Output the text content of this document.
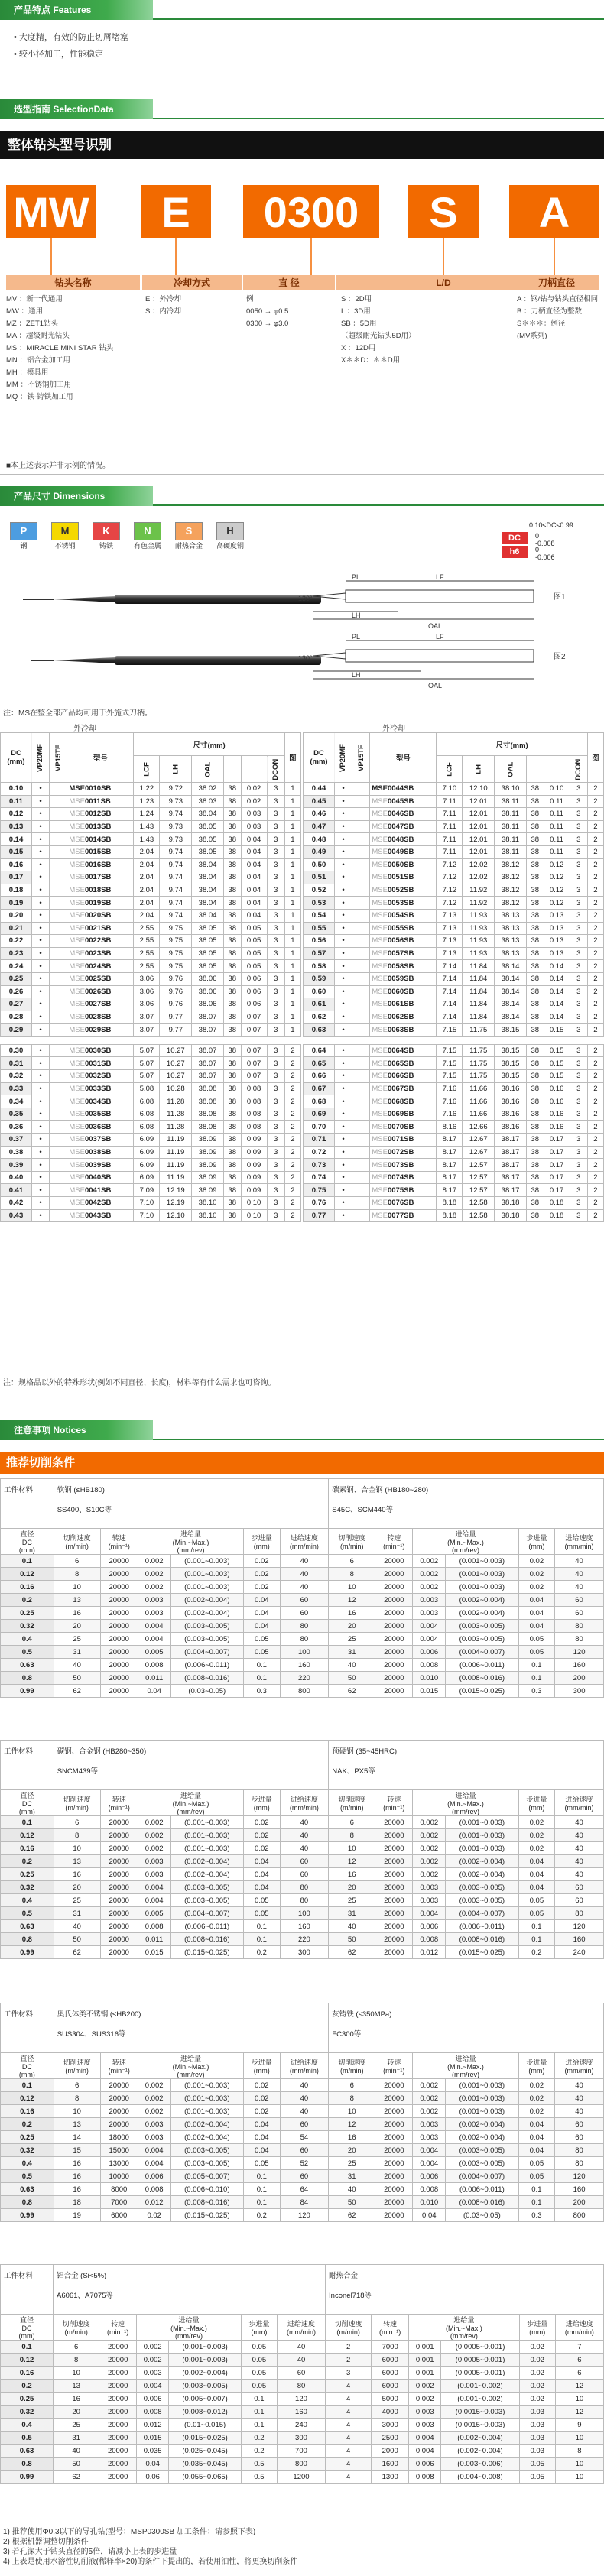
产品特点 Features
• 大度精，有效的防止切屑堵塞
• 较小径加工，性能稳定
选型指南 SelectionData
整体钻头型号识别
MW	E	0300	S	A
钻头名称	冷却方式	直 径	L/D	刀柄直径
MV ：新一代通用
MW ：通用
MZ ：ZET1钻头
MA ：超级耐光钻头
MS ：MIRACLE MINI STAR 钻头
MN ：铝合金加工用
MH ：模具用
MM ：不锈钢加工用
MQ ：铁-铸铁加工用
E ：外冷却
S ：内冷却
例
0050 → φ0.5
0300 → φ3.0
S ：2D用
L ：3D用
SB ：5D用
（超级耐光钻头5D用）
X ：12D用
X＊＊D：＊＊D用
A ：钢/钻与钻头直径相同
B ：刀柄直径为整数
S＊＊＊：例径
(MV系列)
■本上述表示并非示例的情况。
产品尺寸 Dimensions
P
钢
M
不锈钢
K
铸铁
N
有色金属
S
耐热合金
H
高硬度钢
0.10≤DC≤0.99
DC
h6
0
-0.008
0
-0.006
PL	LF
130°
LH
OAL
图1
PL	LF
130°
LH
OAL
图2
注：MS在整全部产品均可用于外施式刀柄。
外冷却	外冷却
DC
(mm)	VP20MF	VP15TF	型号	尺寸(mm)						图
				LCF	LH	OAL			DCON	
0.10	•		MSE0010SB	1.22	9.72	38.02	38	0.02	3	1
0.11	•		MSE0011SB	1.23	9.73	38.03	38	0.02	3	1
0.12	•		MSE0012SB	1.24	9.74	38.04	38	0.03	3	1
0.13	•		MSE0013SB	1.43	9.73	38.05	38	0.03	3	1
0.14	•		MSE0014SB	1.43	9.73	38.05	38	0.04	3	1
0.15	•		MSE0015SB	2.04	9.74	38.05	38	0.04	3	1
0.16	•		MSE0016SB	2.04	9.74	38.04	38	0.04	3	1
0.17	•		MSE0017SB	2.04	9.74	38.04	38	0.04	3	1
0.18	•		MSE0018SB	2.04	9.74	38.04	38	0.04	3	1
0.19	•		MSE0019SB	2.04	9.74	38.04	38	0.04	3	1
0.20	•		MSE0020SB	2.04	9.74	38.04	38	0.04	3	1
0.21	•		MSE0021SB	2.55	9.75	38.05	38	0.05	3	1
0.22	•		MSE0022SB	2.55	9.75	38.05	38	0.05	3	1
0.23	•		MSE0023SB	2.55	9.75	38.05	38	0.05	3	1
0.24	•		MSE0024SB	2.55	9.75	38.05	38	0.05	3	1
0.25	•		MSE0025SB	3.06	9.76	38.06	38	0.06	3	1
0.26	•		MSE0026SB	3.06	9.76	38.06	38	0.06	3	1
0.27	•		MSE0027SB	3.06	9.76	38.06	38	0.06	3	1
0.28	•		MSE0028SB	3.07	9.77	38.07	38	0.07	3	1
0.29	•		MSE0029SB	3.07	9.77	38.07	38	0.07	3	1

0.30	•		MSE0030SB	5.07	10.27	38.07	38	0.07	3	2
0.31	•		MSE0031SB	5.07	10.27	38.07	38	0.07	3	2
0.32	•		MSE0032SB	5.07	10.27	38.07	38	0.07	3	2
0.33	•		MSE0033SB	5.08	10.28	38.08	38	0.08	3	2
0.34	•		MSE0034SB	6.08	11.28	38.08	38	0.08	3	2
0.35	•		MSE0035SB	6.08	11.28	38.08	38	0.08	3	2
0.36	•		MSE0036SB	6.08	11.28	38.08	38	0.08	3	2
0.37	•		MSE0037SB	6.09	11.19	38.09	38	0.09	3	2
0.38	•		MSE0038SB	6.09	11.19	38.09	38	0.09	3	2
0.39	•		MSE0039SB	6.09	11.19	38.09	38	0.09	3	2
0.40	•		MSE0040SB	6.09	11.19	38.09	38	0.09	3	2
0.41	•		MSE0041SB	7.09	12.19	38.09	38	0.09	3	2
0.42	•		MSE0042SB	7.10	12.19	38.10	38	0.10	3	2
0.43	•		MSE0043SB	7.10	12.10	38.10	38	0.10	3	2
DC
(mm)	VP20MF	VP15TF	型号	尺寸(mm)						图
				LCF	LH	OAL			DCON	
0.44	•		MSE0044SB	7.10	12.10	38.10	38	0.10	3	2
0.45	•		MSE0045SB	7.11	12.01	38.11	38	0.11	3	2
0.46	•		MSE0046SB	7.11	12.01	38.11	38	0.11	3	2
0.47	•		MSE0047SB	7.11	12.01	38.11	38	0.11	3	2
0.48	•		MSE0048SB	7.11	12.01	38.11	38	0.11	3	2
0.49	•		MSE0049SB	7.11	12.01	38.11	38	0.11	3	2
0.50	•		MSE0050SB	7.12	12.02	38.12	38	0.12	3	2
0.51	•		MSE0051SB	7.12	12.02	38.12	38	0.12	3	2
0.52	•		MSE0052SB	7.12	11.92	38.12	38	0.12	3	2
0.53	•		MSE0053SB	7.12	11.92	38.12	38	0.12	3	2
0.54	•		MSE0054SB	7.13	11.93	38.13	38	0.13	3	2
0.55	•		MSE0055SB	7.13	11.93	38.13	38	0.13	3	2
0.56	•		MSE0056SB	7.13	11.93	38.13	38	0.13	3	2
0.57	•		MSE0057SB	7.13	11.93	38.13	38	0.13	3	2
0.58	•		MSE0058SB	7.14	11.84	38.14	38	0.14	3	2
0.59	•		MSE0059SB	7.14	11.84	38.14	38	0.14	3	2
0.60	•		MSE0060SB	7.14	11.84	38.14	38	0.14	3	2
0.61	•		MSE0061SB	7.14	11.84	38.14	38	0.14	3	2
0.62	•		MSE0062SB	7.14	11.84	38.14	38	0.14	3	2
0.63	•		MSE0063SB	7.15	11.75	38.15	38	0.15	3	2

0.64	•		MSE0064SB	7.15	11.75	38.15	38	0.15	3	2
0.65	•		MSE0065SB	7.15	11.75	38.15	38	0.15	3	2
0.66	•		MSE0066SB	7.15	11.75	38.15	38	0.15	3	2
0.67	•		MSE0067SB	7.16	11.66	38.16	38	0.16	3	2
0.68	•		MSE0068SB	7.16	11.66	38.16	38	0.16	3	2
0.69	•		MSE0069SB	7.16	11.66	38.16	38	0.16	3	2
0.70	•		MSE0070SB	8.16	12.66	38.16	38	0.16	3	2
0.71	•		MSE0071SB	8.17	12.67	38.17	38	0.17	3	2
0.72	•		MSE0072SB	8.17	12.67	38.17	38	0.17	3	2
0.73	•		MSE0073SB	8.17	12.57	38.17	38	0.17	3	2
0.74	•		MSE0074SB	8.17	12.57	38.17	38	0.17	3	2
0.75	•		MSE0075SB	8.17	12.57	38.17	38	0.17	3	2
0.76	•		MSE0076SB	8.18	12.58	38.18	38	0.18	3	2
0.77	•		MSE0077SB	8.18	12.58	38.18	38	0.18	3	2
注：规格品以外的特殊形状(例如不同直径、长度)，材料等有什么需求也可咨询。
注意事项 Notices
推荐切削条件
工件材料	软钢 (≤HB180)
SS400、S10C等						碳素钢、合金钢 (HB180~280)
S45C、SCM440等					
直径
DC
(mm)	切削速度
(m/min)	转速
(min⁻¹)	进给量
(Min.~Max.)
(mm/rev)		步进量
(mm)	进给速度
(mm/min)	切削速度
(m/min)	转速
(min⁻¹)	进给量
(Min.~Max.)
(mm/rev)		步进量
(mm)	进给速度
(mm/min)
0.1	6	20000	0.002	(0.001~0.003)	0.02	40	6	20000	0.002	(0.001~0.003)	0.02	40
0.12	8	20000	0.002	(0.001~0.003)	0.02	40	8	20000	0.002	(0.001~0.003)	0.02	40
0.16	10	20000	0.002	(0.001~0.003)	0.02	40	10	20000	0.002	(0.001~0.003)	0.02	40
0.2	13	20000	0.003	(0.002~0.004)	0.04	60	12	20000	0.003	(0.002~0.004)	0.04	60
0.25	16	20000	0.003	(0.002~0.004)	0.04	60	16	20000	0.003	(0.002~0.004)	0.04	60
0.32	20	20000	0.004	(0.003~0.005)	0.04	80	20	20000	0.004	(0.003~0.005)	0.04	80
0.4	25	20000	0.004	(0.003~0.005)	0.05	80	25	20000	0.004	(0.003~0.005)	0.05	80
0.5	31	20000	0.005	(0.004~0.007)	0.05	100	31	20000	0.006	(0.004~0.007)	0.05	120
0.63	40	20000	0.008	(0.006~0.011)	0.1	160	40	20000	0.008	(0.006~0.011)	0.1	160
0.8	50	20000	0.011	(0.008~0.016)	0.1	220	50	20000	0.010	(0.008~0.016)	0.1	200
0.99	62	20000	0.04	(0.03~0.05)	0.3	800	62	20000	0.015	(0.015~0.025)	0.3	300
工件材料	碳钢、合金钢 (HB280~350)
SNCM439等						预硬钢 (35~45HRC)
NAK、PX5等					
直径
DC
(mm)	切削速度
(m/min)	转速
(min⁻¹)	进给量
(Min.~Max.)
(mm/rev)		步进量
(mm)	进给速度
(mm/min)	切削速度
(m/min)	转速
(min⁻¹)	进给量
(Min.~Max.)
(mm/rev)		步进量
(mm)	进给速度
(mm/min)
0.1	6	20000	0.002	(0.001~0.003)	0.02	40	6	20000	0.002	(0.001~0.003)	0.02	40
0.12	8	20000	0.002	(0.001~0.003)	0.02	40	8	20000	0.002	(0.001~0.003)	0.02	40
0.16	10	20000	0.002	(0.001~0.003)	0.02	40	10	20000	0.002	(0.001~0.003)	0.02	40
0.2	13	20000	0.003	(0.002~0.004)	0.04	60	12	20000	0.002	(0.002~0.004)	0.04	40
0.25	16	20000	0.003	(0.002~0.004)	0.04	60	16	20000	0.002	(0.002~0.004)	0.04	40
0.32	20	20000	0.004	(0.003~0.005)	0.04	80	20	20000	0.003	(0.003~0.005)	0.04	60
0.4	25	20000	0.004	(0.003~0.005)	0.05	80	25	20000	0.003	(0.003~0.005)	0.05	60
0.5	31	20000	0.005	(0.004~0.007)	0.05	100	31	20000	0.004	(0.004~0.007)	0.05	80
0.63	40	20000	0.008	(0.006~0.011)	0.1	160	40	20000	0.006	(0.006~0.011)	0.1	120
0.8	50	20000	0.011	(0.008~0.016)	0.1	220	50	20000	0.008	(0.008~0.016)	0.1	160
0.99	62	20000	0.015	(0.015~0.025)	0.2	300	62	20000	0.012	(0.015~0.025)	0.2	240
工件材料	奥氏体类不锈钢 (≤HB200)
SUS304、SUS316等						灰铸铁 (≤350MPa)
FC300等					
直径
DC
(mm)	切削速度
(m/min)	转速
(min⁻¹)	进给量
(Min.~Max.)
(mm/rev)		步进量
(mm)	进给速度
(mm/min)	切削速度
(m/min)	转速
(min⁻¹)	进给量
(Min.~Max.)
(mm/rev)		步进量
(mm)	进给速度
(mm/min)
0.1	6	20000	0.002	(0.001~0.003)	0.02	40	6	20000	0.002	(0.001~0.003)	0.02	40
0.12	8	20000	0.002	(0.001~0.003)	0.02	40	8	20000	0.002	(0.001~0.003)	0.02	40
0.16	10	20000	0.002	(0.001~0.003)	0.02	40	10	20000	0.002	(0.001~0.003)	0.02	40
0.2	13	20000	0.003	(0.002~0.004)	0.04	60	12	20000	0.003	(0.002~0.004)	0.04	60
0.25	14	18000	0.003	(0.002~0.004)	0.04	54	16	20000	0.003	(0.002~0.004)	0.04	60
0.32	15	15000	0.004	(0.003~0.005)	0.04	60	20	20000	0.004	(0.003~0.005)	0.04	80
0.4	16	13000	0.004	(0.003~0.005)	0.05	52	25	20000	0.004	(0.003~0.005)	0.05	80
0.5	16	10000	0.006	(0.005~0.007)	0.1	60	31	20000	0.006	(0.004~0.007)	0.05	120
0.63	16	8000	0.008	(0.006~0.010)	0.1	64	40	20000	0.008	(0.006~0.011)	0.1	160
0.8	18	7000	0.012	(0.008~0.016)	0.1	84	50	20000	0.010	(0.008~0.016)	0.1	200
0.99	19	6000	0.02	(0.015~0.025)	0.2	120	62	20000	0.04	(0.03~0.05)	0.3	800
工件材料	铝合金 (Si<5%)
A6061、A7075等						耐热合金
Inconel718等					
直径
DC
(mm)	切削速度
(m/min)	转速
(min⁻¹)	进给量
(Min.~Max.)
(mm/rev)		步进量
(mm)	进给速度
(mm/min)	切削速度
(m/min)	转速
(min⁻¹)	进给量
(Min.~Max.)
(mm/rev)		步进量
(mm)	进给速度
(mm/min)
0.1	6	20000	0.002	(0.001~0.003)	0.05	40	2	7000	0.001	(0.0005~0.001)	0.02	7
0.12	8	20000	0.002	(0.001~0.003)	0.05	40	2	6000	0.001	(0.0005~0.001)	0.02	6
0.16	10	20000	0.003	(0.002~0.004)	0.05	60	3	6000	0.001	(0.0005~0.001)	0.02	6
0.2	13	20000	0.004	(0.003~0.005)	0.05	80	4	6000	0.002	(0.001~0.002)	0.02	12
0.25	16	20000	0.006	(0.005~0.007)	0.1	120	4	5000	0.002	(0.001~0.002)	0.02	10
0.32	20	20000	0.008	(0.008~0.012)	0.1	160	4	4000	0.003	(0.0015~0.003)	0.03	12
0.4	25	20000	0.012	(0.01~0.015)	0.1	240	4	3000	0.003	(0.0015~0.003)	0.03	9
0.5	31	20000	0.015	(0.015~0.025)	0.2	300	4	2500	0.004	(0.002~0.004)	0.03	10
0.63	40	20000	0.035	(0.025~0.045)	0.2	700	4	2000	0.004	(0.002~0.004)	0.03	8
0.8	50	20000	0.04	(0.035~0.045)	0.5	800	4	1600	0.006	(0.003~0.006)	0.05	10
0.99	62	20000	0.06	(0.055~0.065)	0.5	1200	4	1300	0.008	(0.004~0.008)	0.05	10
1) 推荐使用Φ0.3以下的导孔钻(型号：MSP0300SB 加工条件：请参照下表)
2) 根据机器调整切削条件
3) 若孔深大于钻头直径的5倍，请减小上表的步进量
4) 上表是使用水溶性切削液(稀释率×20)的条件下提出的，若使用油性，将更换切削条件
